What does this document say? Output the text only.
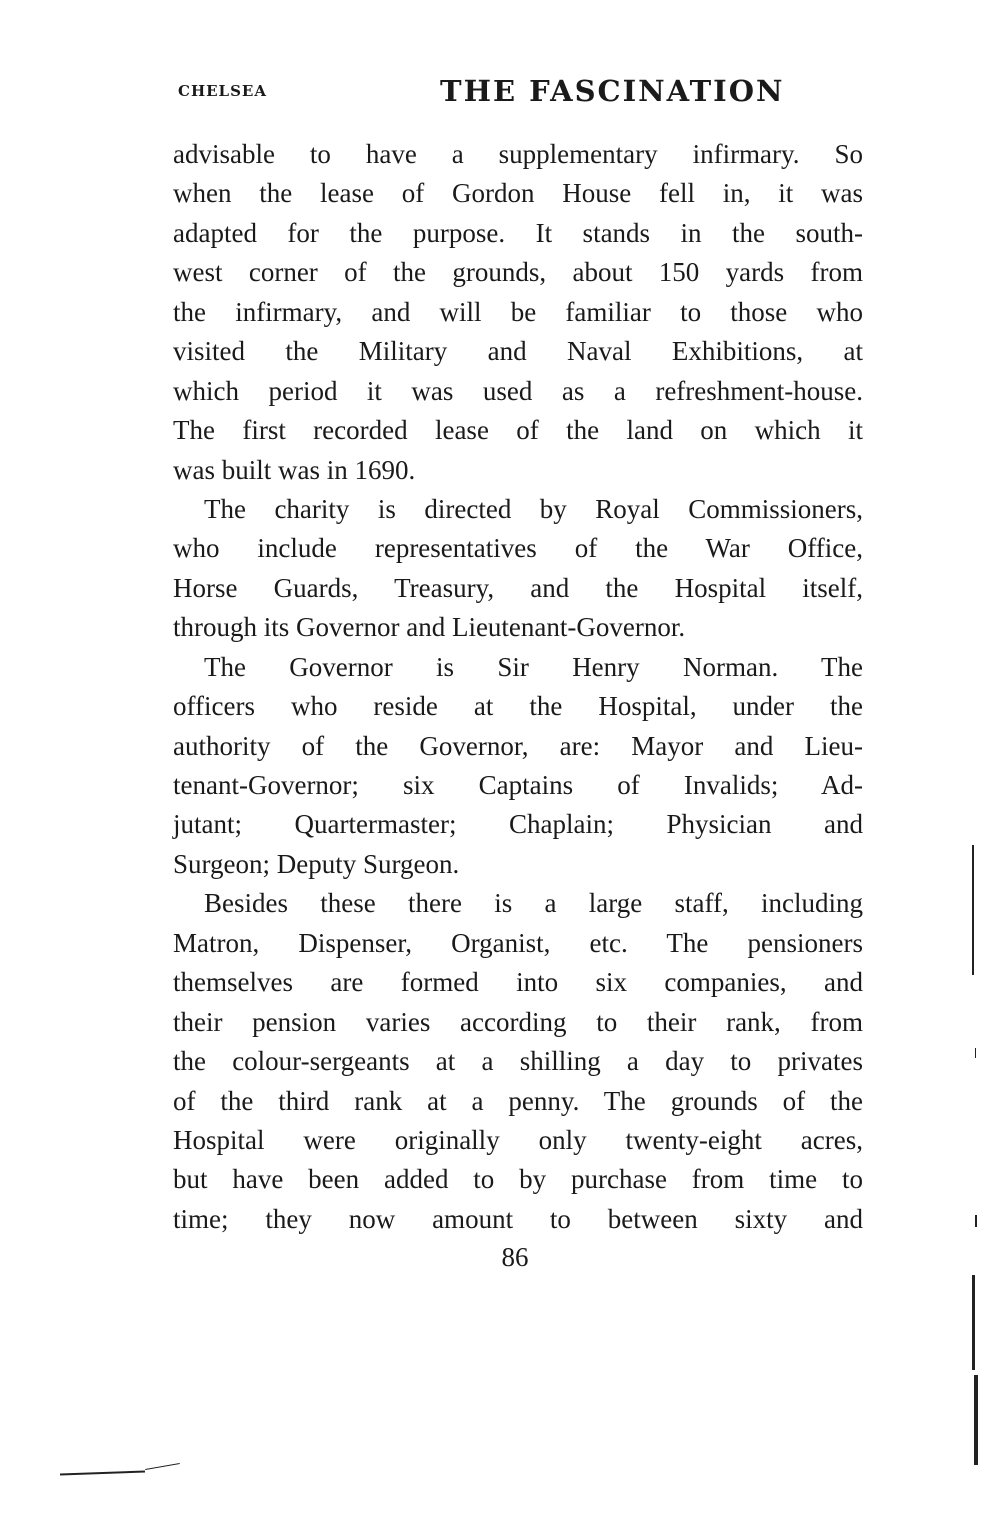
CHELSEA	THE FASCINATION
advisable to have a supplementary infirmary. So
when the lease of Gordon House fell in, it was
adapted for the purpose. It stands in the south-
west corner of the grounds, about 150 yards from
the infirmary, and will be familiar to those who
visited the Military and Naval Exhibitions, at
which period it was used as a refreshment-house.
The first recorded lease of the land on which it
was built was in 1690.
The charity is directed by Royal Commissioners,
who include representatives of the War Office,
Horse Guards, Treasury, and the Hospital itself,
through its Governor and Lieutenant-Governor.
The Governor is Sir Henry Norman. The
officers who reside at the Hospital, under the
authority of the Governor, are: Mayor and Lieu-
tenant-Governor; six Captains of Invalids; Ad-
jutant; Quartermaster; Chaplain; Physician and
Surgeon; Deputy Surgeon.
Besides these there is a large staff, including
Matron, Dispenser, Organist, etc. The pensioners
themselves are formed into six companies, and
their pension varies according to their rank, from
the colour-sergeants at a shilling a day to privates
of the third rank at a penny. The grounds of the
Hospital were originally only twenty-eight acres,
but have been added to by purchase from time to
time; they now amount to between sixty and
86
